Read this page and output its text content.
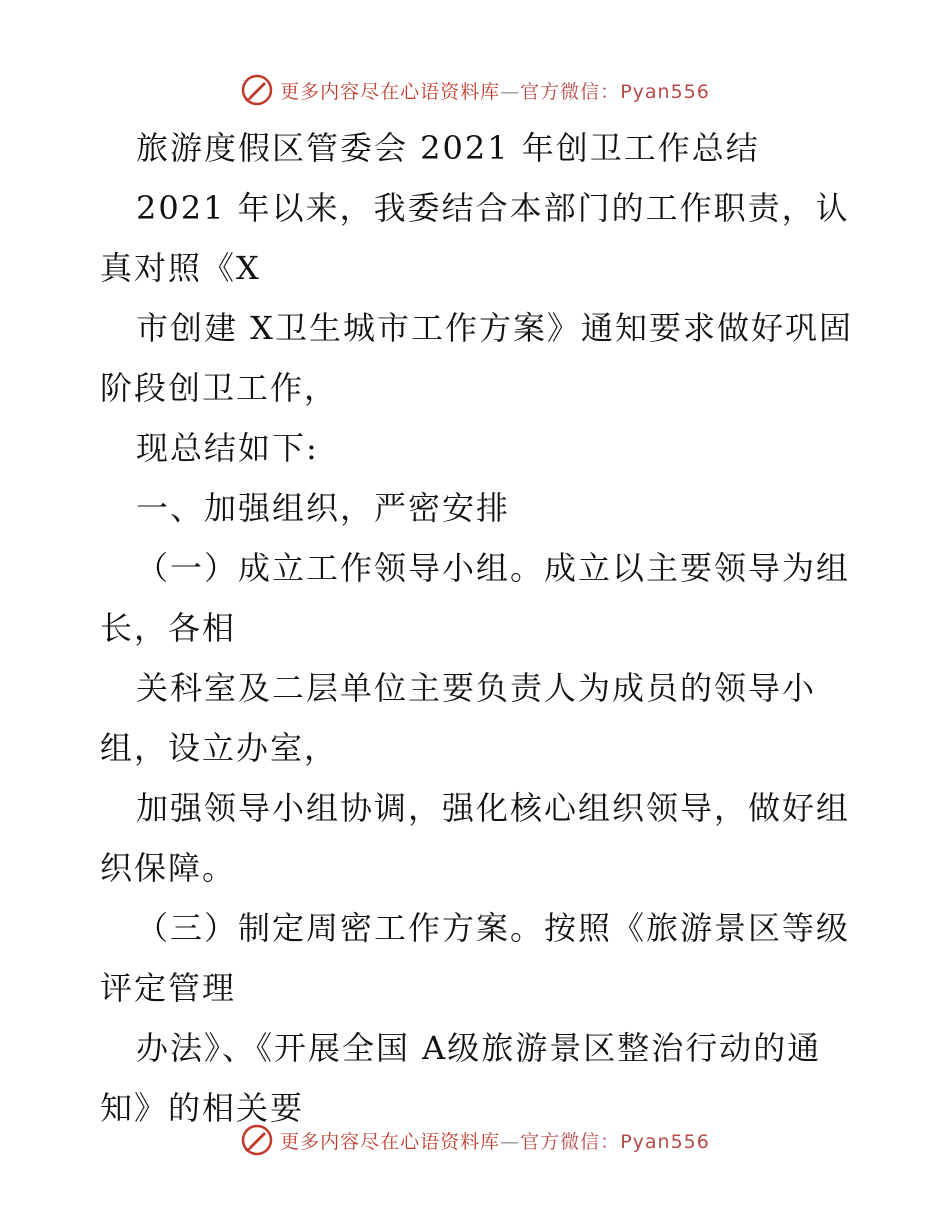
更多内容尽在心语资料库—官方微信：Pyan556

旅游度假区管委会 2021 年创卫工作总结

2021 年以来，我委结合本部门的工作职责，认真对照《X

市创建 X卫生城市工作方案》通知要求做好巩固阶段创卫工作，

现总结如下:

一、加强组织，严密安排

（一）成立工作领导小组。成立以主要领导为组长，各相

关科室及二层单位主要负责人为成员的领导小组，设立办室，

加强领导小组协调，强化核心组织领导，做好组织保障。

（三）制定周密工作方案。按照《旅游景区等级评定管理

办法》、《开展全国 A级旅游景区整治行动的通知》的相关要

更多内容尽在心语资料库—官方微信：Pyan556
